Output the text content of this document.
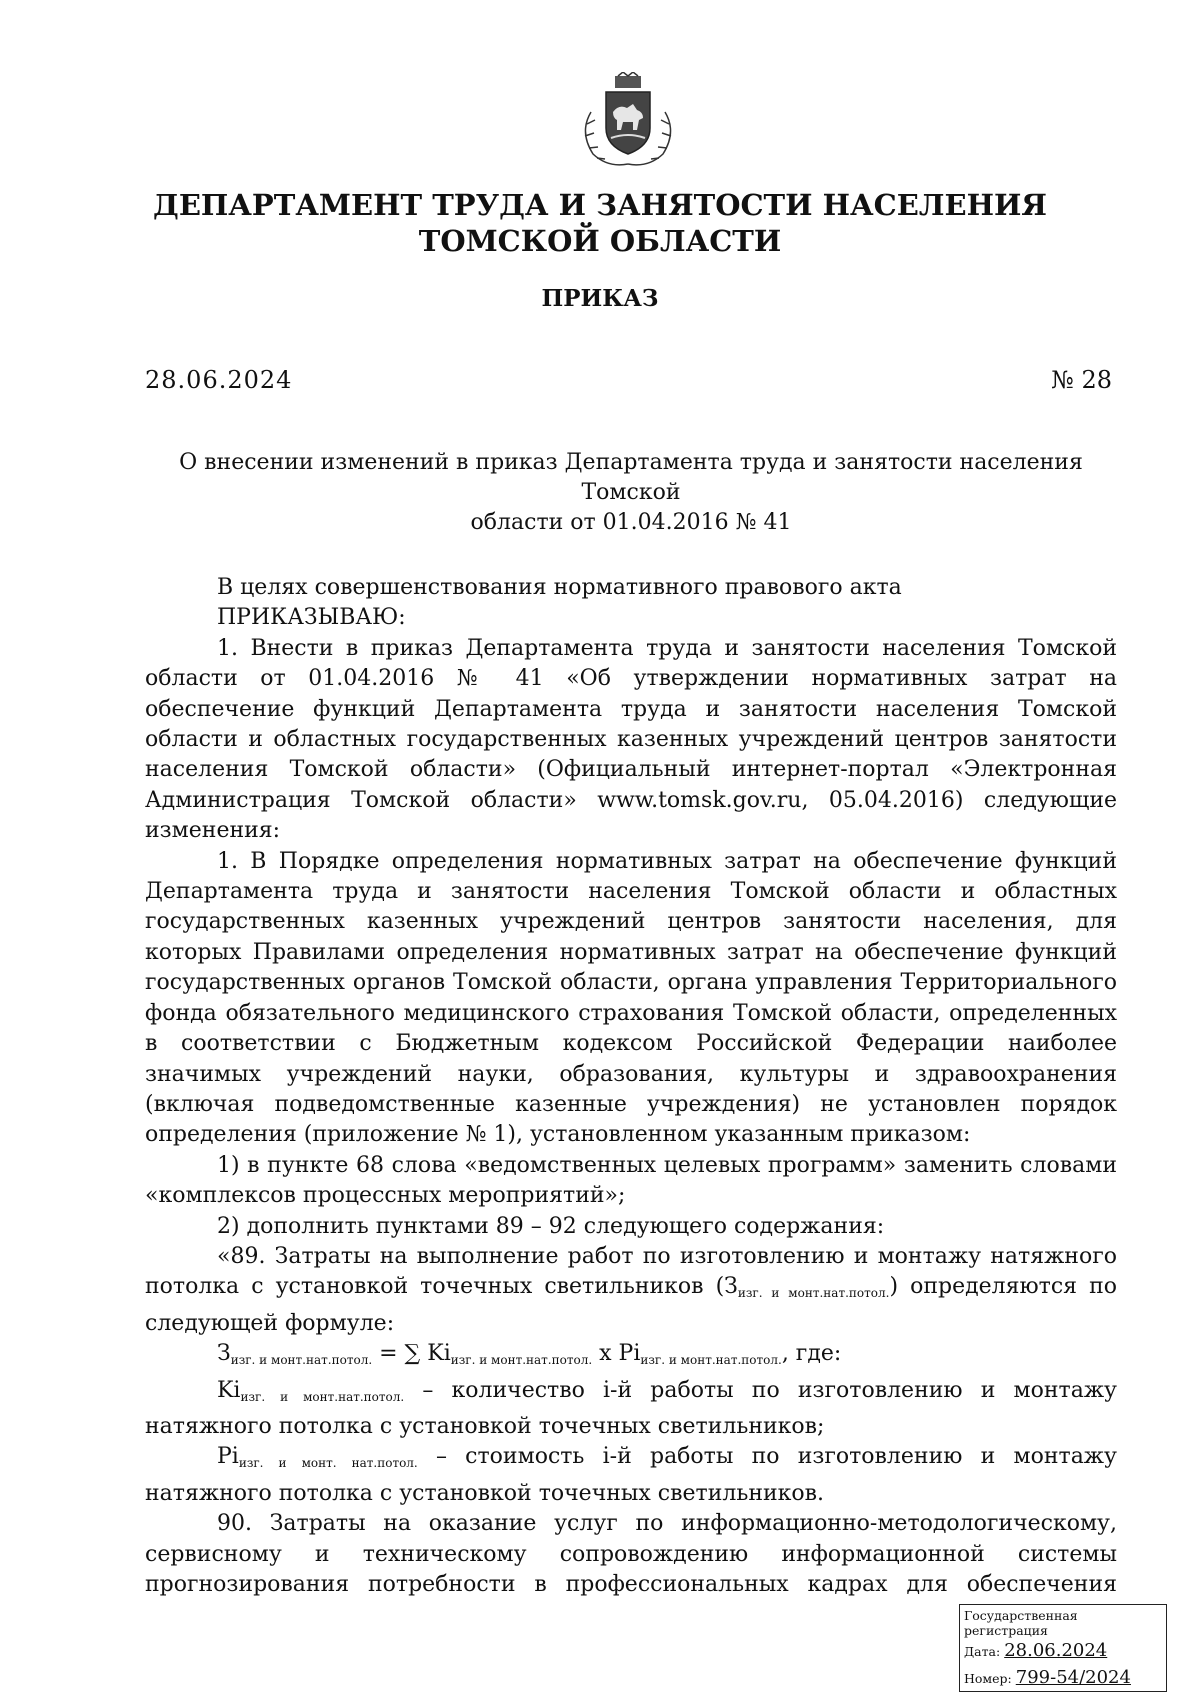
ДЕПАРТАМЕНТ ТРУДА И ЗАНЯТОСТИ НАСЕЛЕНИЯ
ТОМСКОЙ ОБЛАСТИ
ПРИКАЗ
28.06.2024	№ 28
О внесении изменений в приказ Департамента труда и занятости населения Томской
области от 01.04.2016 № 41

В целях совершенствования нормативного правового акта

ПРИКАЗЫВАЮ:

1. Внести в приказ Департамента труда и занятости населения Томской области от 01.04.2016 № 41 «Об утверждении нормативных затрат на обеспечение функций Департамента труда и занятости населения Томской области и областных государственных казенных учреждений центров занятости населения Томской области» (Официальный интернет-портал «Электронная Администрация Томской области» www.tomsk.gov.ru, 05.04.2016) следующие изменения:

1. В Порядке определения нормативных затрат на обеспечение функций Департамента труда и занятости населения Томской области и областных государственных казенных учреждений центров занятости населения, для которых Правилами определения нормативных затрат на обеспечение функций государственных органов Томской области, органа управления Территориального фонда обязательного медицинского страхования Томской области, определенных в соответствии с Бюджетным кодексом Российской Федерации наиболее значимых учреждений науки, образования, культуры и здравоохранения (включая подведомственные казенные учреждения) не установлен порядок определения (приложение № 1), установленном указанным приказом:

1) в пункте 68 слова «ведомственных целевых программ» заменить словами «комплексов процессных мероприятий»;

2) дополнить пунктами 89 – 92 следующего содержания:

«89. Затраты на выполнение работ по изготовлению и монтажу натяжного потолка с установкой точечных светильников $(З_{изг. и монт.нат.потол.})$ определяются по следующей формуле:

$З_{изг. и монт.нат.потол.}$ = ∑ $Ki_{изг. и монт.нат.потол.}$ х $Pi_{изг. и монт.нат.потол.}$, где:

$Ki_{изг. и монт.нат.потол.}$ – количество i-й работы по изготовлению и монтажу натяжного потолка с установкой точечных светильников;

$Pi_{изг. и монт. нат.потол.}$ – стоимость i-й работы по изготовлению и монтажу натяжного потолка с установкой точечных светильников.

90. Затраты на оказание услуг по информационно-методологическому, сервисному и техническому сопровождению информационной системы прогнозирования потребности в профессиональных кадрах для обеспечения

Государственная регистрация
Дата: 28.06.2024
Номер: 799-54/2024
